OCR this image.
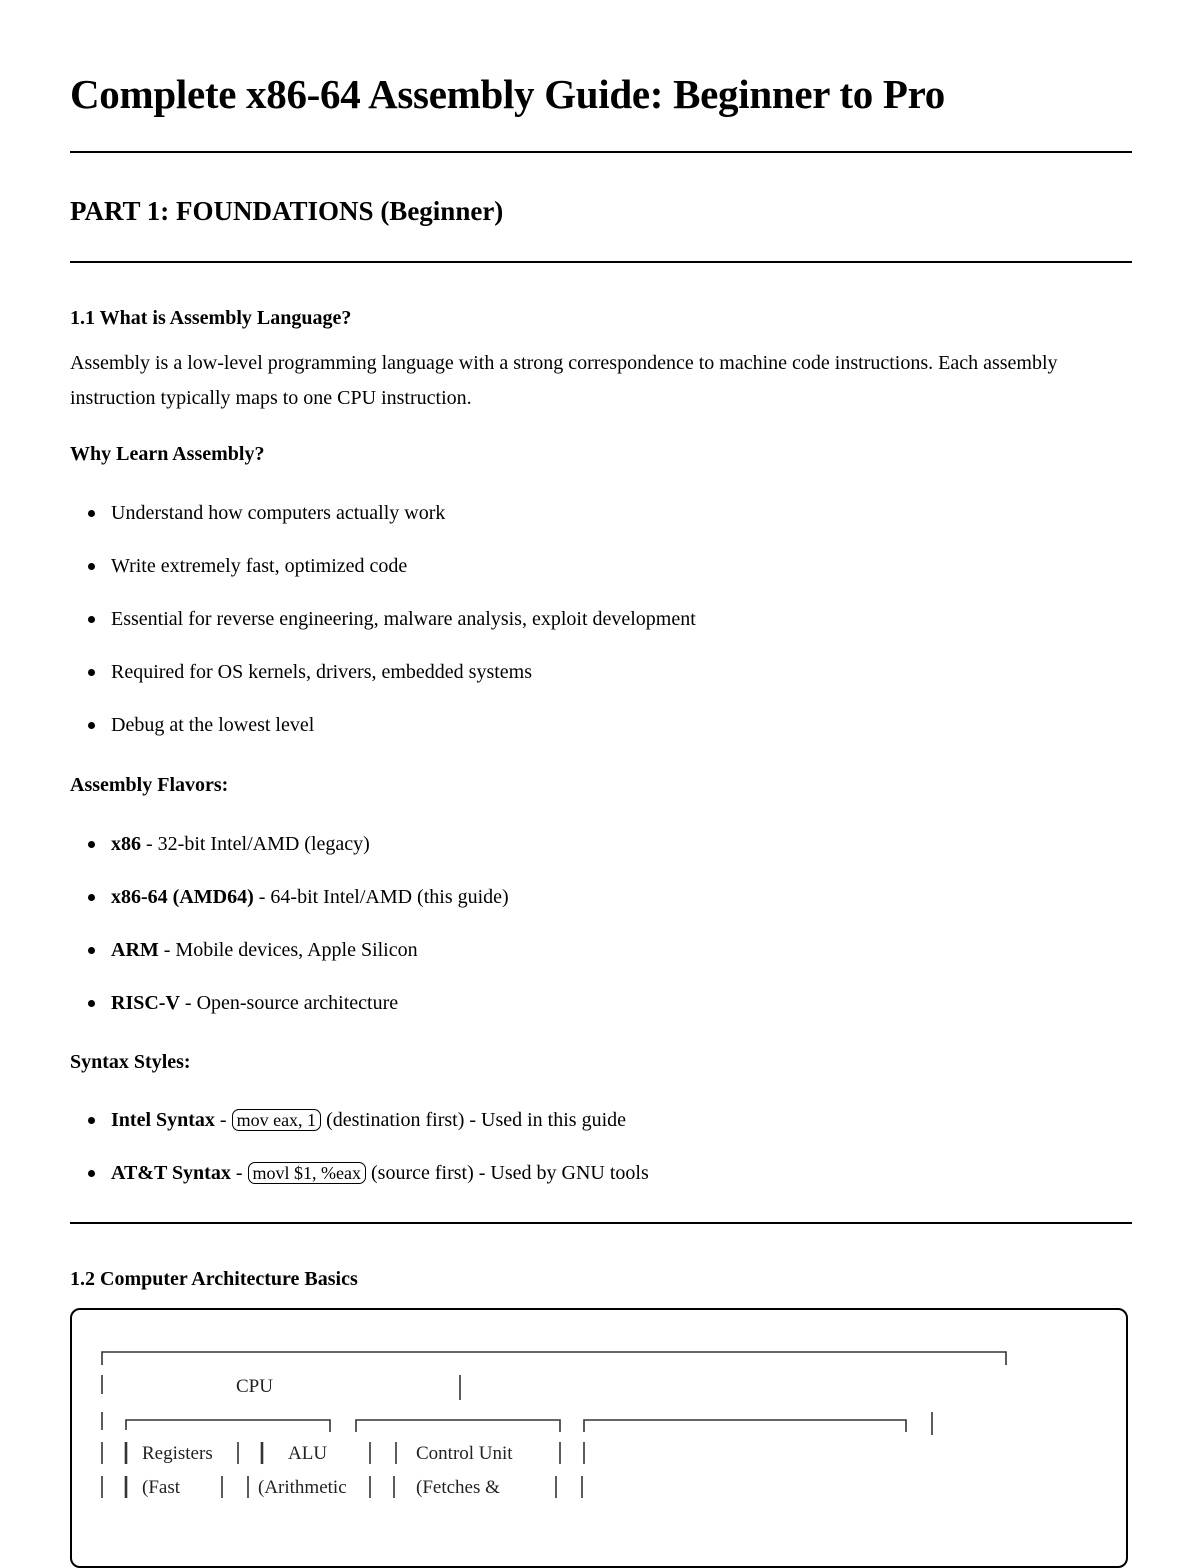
Complete x86-64 Assembly Guide: Beginner to Pro
PART 1: FOUNDATIONS (Beginner)
1.1 What is Assembly Language?

Assembly is a low-level programming language with a strong correspondence to machine code instructions. Each assembly instruction typically maps to one CPU instruction.

Why Learn Assembly?

Understand how computers actually work
Write extremely fast, optimized code
Essential for reverse engineering, malware analysis, exploit development
Required for OS kernels, drivers, embedded systems
Debug at the lowest level

Assembly Flavors:

x86 - 32-bit Intel/AMD (legacy)
x86-64 (AMD64) - 64-bit Intel/AMD (this guide)
ARM - Mobile devices, Apple Silicon
RISC-V - Open-source architecture

Syntax Styles:

Intel Syntax - mov eax, 1 (destination first) - Used in this guide
AT&T Syntax - movl $1, %eax (source first) - Used by GNU tools
1.2 Computer Architecture Basics
CPU
Registers	ALU	Control Unit
(Fast	(Arithmetic	(Fetches &
